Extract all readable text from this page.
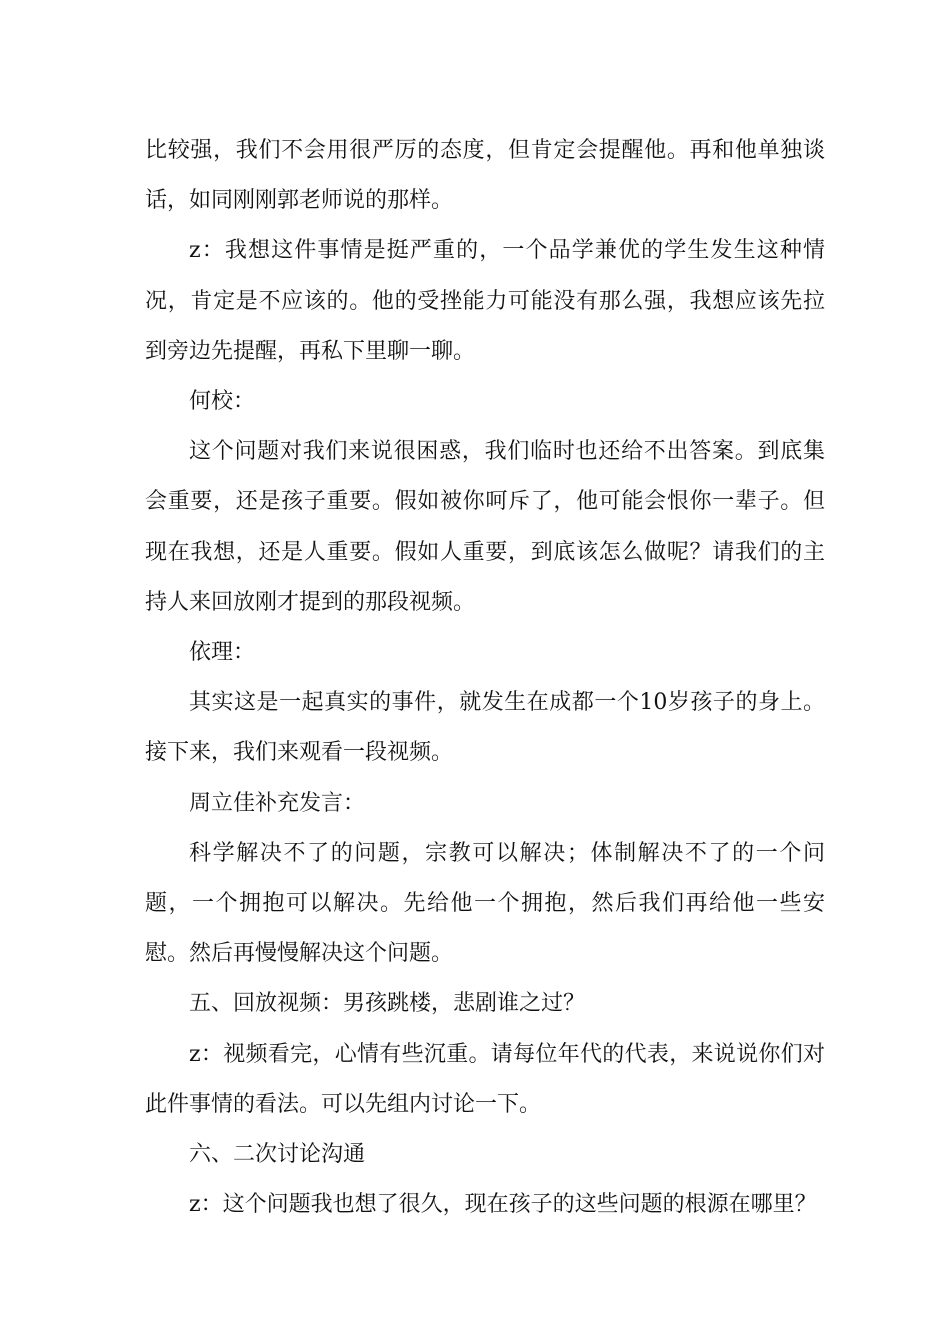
比较强，我们不会用很严厉的态度，但肯定会提醒他。再和他单独谈话，如同刚刚郭老师说的那样。

z：我想这件事情是挺严重的，一个品学兼优的学生发生这种情况，肯定是不应该的。他的受挫能力可能没有那么强，我想应该先拉到旁边先提醒，再私下里聊一聊。

何校：

这个问题对我们来说很困惑，我们临时也还给不出答案。到底集会重要，还是孩子重要。假如被你呵斥了，他可能会恨你一辈子。但现在我想，还是人重要。假如人重要，到底该怎么做呢？请我们的主持人来回放刚才提到的那段视频。

依理：

其实这是一起真实的事件，就发生在成都一个10岁孩子的身上。接下来，我们来观看一段视频。

周立佳补充发言：

科学解决不了的问题，宗教可以解决；体制解决不了的一个问题，一个拥抱可以解决。先给他一个拥抱，然后我们再给他一些安慰。然后再慢慢解决这个问题。

五、回放视频：男孩跳楼，悲剧谁之过？

z：视频看完，心情有些沉重。请每位年代的代表，来说说你们对此件事情的看法。可以先组内讨论一下。

六、二次讨论沟通

z：这个问题我也想了很久，现在孩子的这些问题的根源在哪里？
